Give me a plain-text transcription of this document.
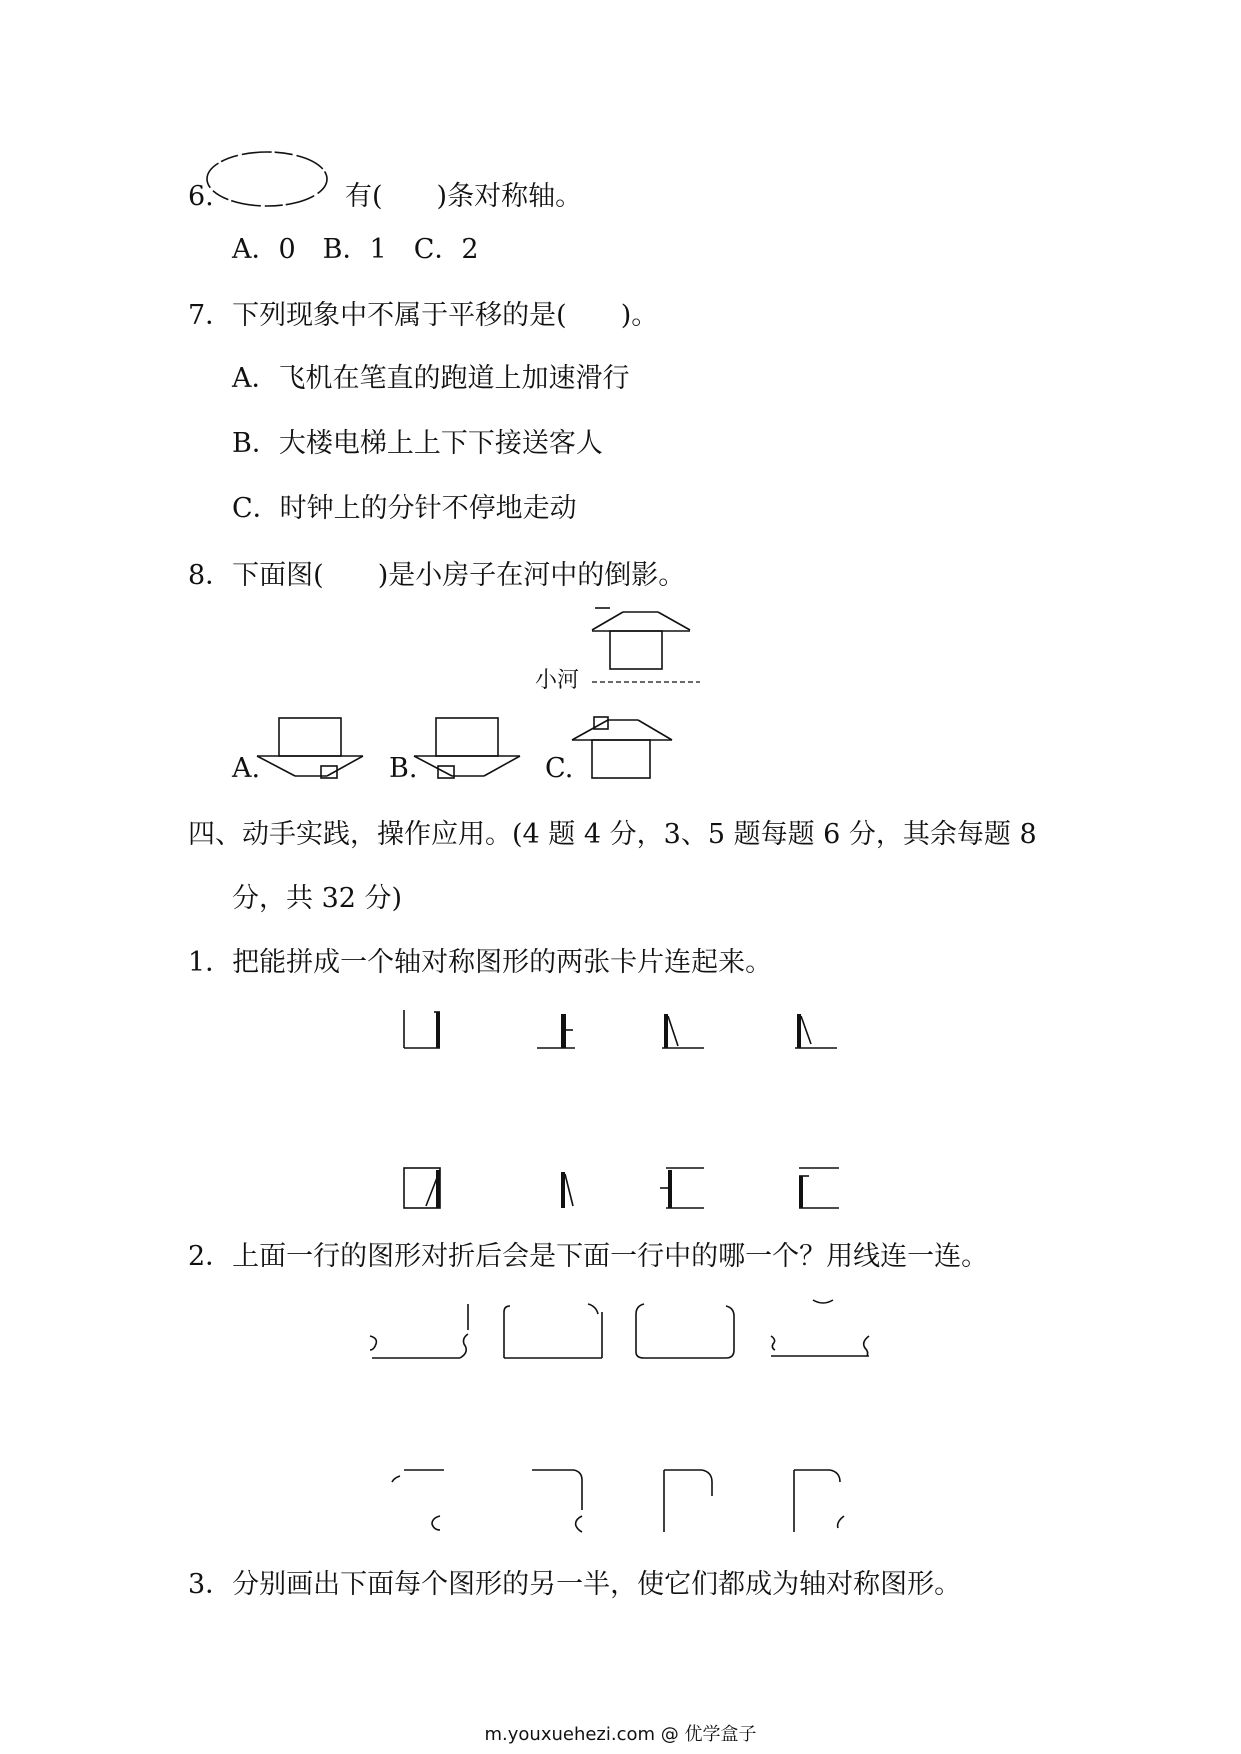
6.	有(　　)条对称轴。
A．0　B．1　C．2
7．下列现象中不属于平移的是(　　)。
A．飞机在笔直的跑道上加速滑行
B．大楼电梯上上下下接送客人
C．时钟上的分针不停地走动
8．下面图(　　)是小房子在河中的倒影。
小河
A.	B.	C.
四、动手实践，操作应用。(4 题 4 分，3、5 题每题 6 分，其余每题 8
分，共 32 分)
1．把能拼成一个轴对称图形的两张卡片连起来。
2．上面一行的图形对折后会是下面一行中的哪一个？用线连一连。
3．分别画出下面每个图形的另一半，使它们都成为轴对称图形。
m.youxuehezi.com @ 优学盒子
